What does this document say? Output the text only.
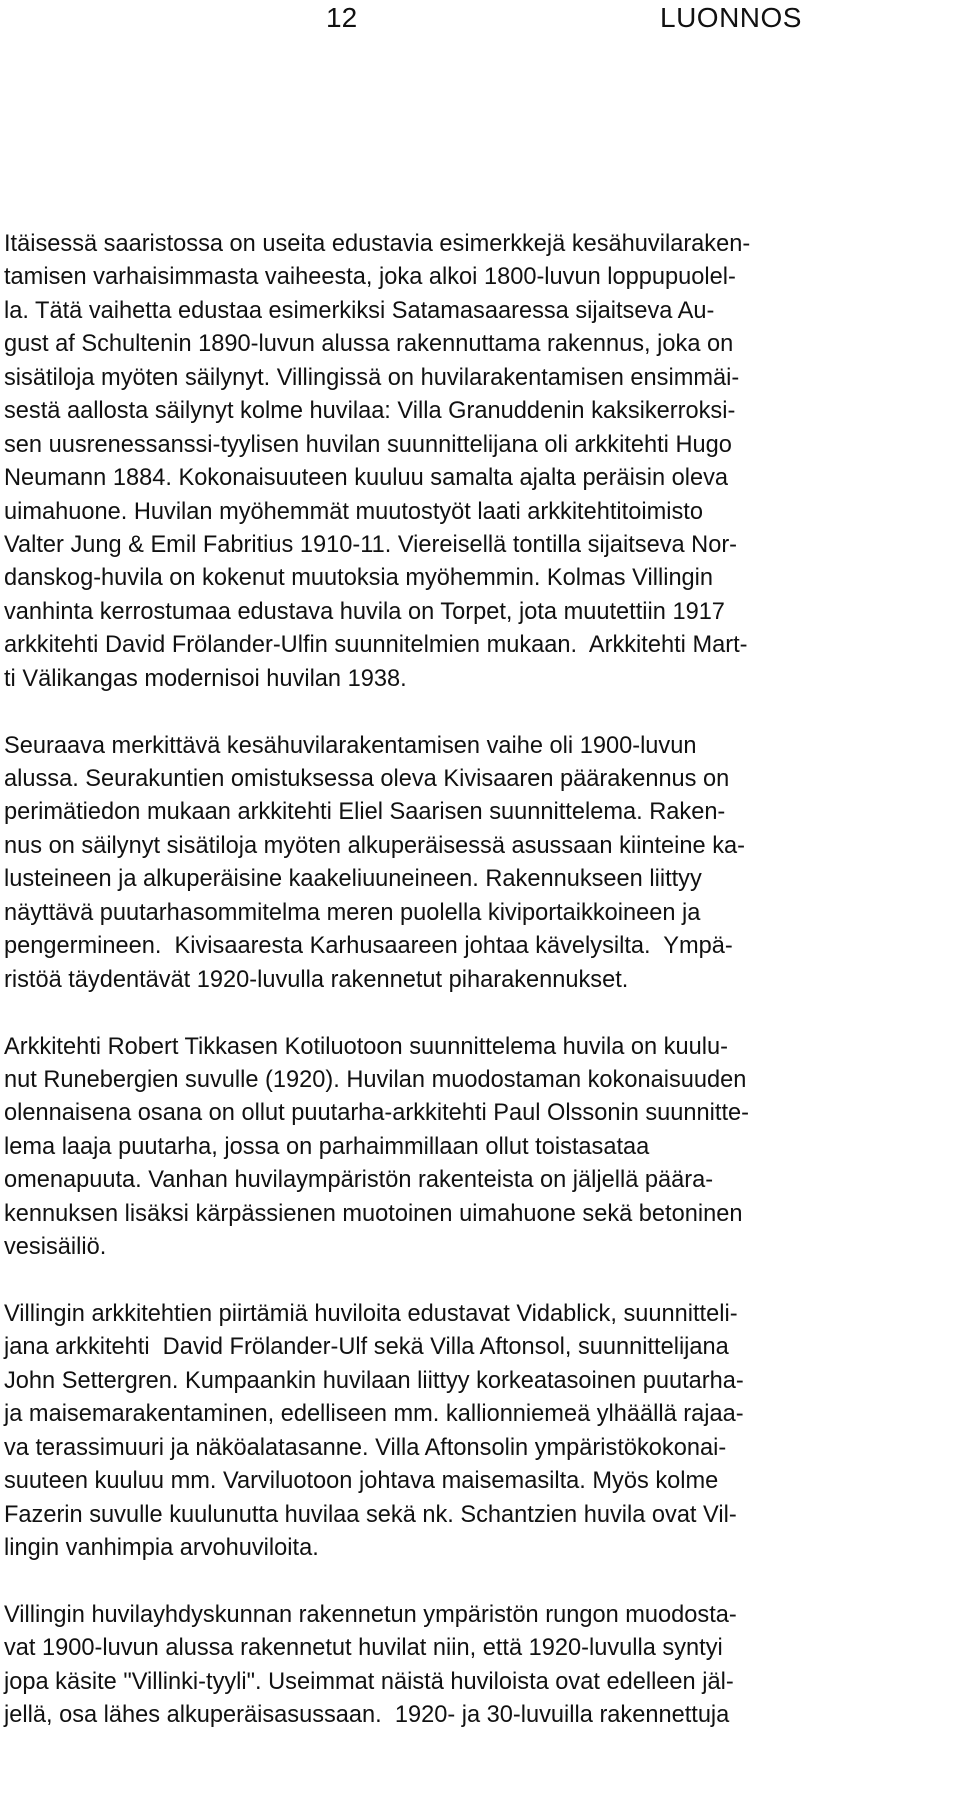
12	LUONNOS

Itäisessä saaristossa on useita edustavia esimerkkejä kesähuvilaraken-
tamisen varhaisimmasta vaiheesta, joka alkoi 1800-luvun loppupuolel-
la. Tätä vaihetta edustaa esimerkiksi Satamasaaressa sijaitseva Au-
gust af Schultenin 1890-luvun alussa rakennuttama rakennus, joka on
sisätiloja myöten säilynyt. Villingissä on huvilarakentamisen ensimmäi-
sestä aallosta säilynyt kolme huvilaa: Villa Granuddenin kaksikerroksi-
sen uusrenessanssi-tyylisen huvilan suunnittelijana oli arkkitehti Hugo
Neumann 1884. Kokonaisuuteen kuuluu samalta ajalta peräisin oleva
uimahuone. Huvilan myöhemmät muutostyöt laati arkkitehtitoimisto
Valter Jung & Emil Fabritius 1910-11. Viereisellä tontilla sijaitseva Nor-
danskog-huvila on kokenut muutoksia myöhemmin. Kolmas Villingin
vanhinta kerrostumaa edustava huvila on Torpet, jota muutettiin 1917
arkkitehti David Frölander-Ulfin suunnitelmien mukaan.  Arkkitehti Mart-
ti Välikangas modernisoi huvilan 1938.

Seuraava merkittävä kesähuvilarakentamisen vaihe oli 1900-luvun
alussa. Seurakuntien omistuksessa oleva Kivisaaren päärakennus on
perimätiedon mukaan arkkitehti Eliel Saarisen suunnittelema. Raken-
nus on säilynyt sisätiloja myöten alkuperäisessä asussaan kiinteine ka-
lusteineen ja alkuperäisine kaakeliuuneineen. Rakennukseen liittyy
näyttävä puutarhasommitelma meren puolella kiviportaikkoineen ja
pengermineen.  Kivisaaresta Karhusaareen johtaa kävelysilta.  Ympä-
ristöä täydentävät 1920-luvulla rakennetut piharakennukset.

Arkkitehti Robert Tikkasen Kotiluotoon suunnittelema huvila on kuulu-
nut Runebergien suvulle (1920). Huvilan muodostaman kokonaisuuden
olennaisena osana on ollut puutarha-arkkitehti Paul Olssonin suunnitte-
lema laaja puutarha, jossa on parhaimmillaan ollut toistasataa
omenapuuta. Vanhan huvilaympäristön rakenteista on jäljellä päära-
kennuksen lisäksi kärpässienen muotoinen uimahuone sekä betoninen
vesisäiliö.

Villingin arkkitehtien piirtämiä huviloita edustavat Vidablick, suunnitteli-
jana arkkitehti  David Frölander-Ulf sekä Villa Aftonsol, suunnittelijana
John Settergren. Kumpaankin huvilaan liittyy korkeatasoinen puutarha-
ja maisemarakentaminen, edelliseen mm. kallionniemeä ylhäällä rajaa-
va terassimuuri ja näköalatasanne. Villa Aftonsolin ympäristökokonai-
suuteen kuuluu mm. Varviluotoon johtava maisemasilta. Myös kolme
Fazerin suvulle kuulunutta huvilaa sekä nk. Schantzien huvila ovat Vil-
lingin vanhimpia arvohuviloita.

Villingin huvilayhdyskunnan rakennetun ympäristön rungon muodosta-
vat 1900-luvun alussa rakennetut huvilat niin, että 1920-luvulla syntyi
jopa käsite "Villinki-tyyli". Useimmat näistä huviloista ovat edelleen jäl-
jellä, osa lähes alkuperäisasussaan.  1920- ja 30-luvuilla rakennettuja
